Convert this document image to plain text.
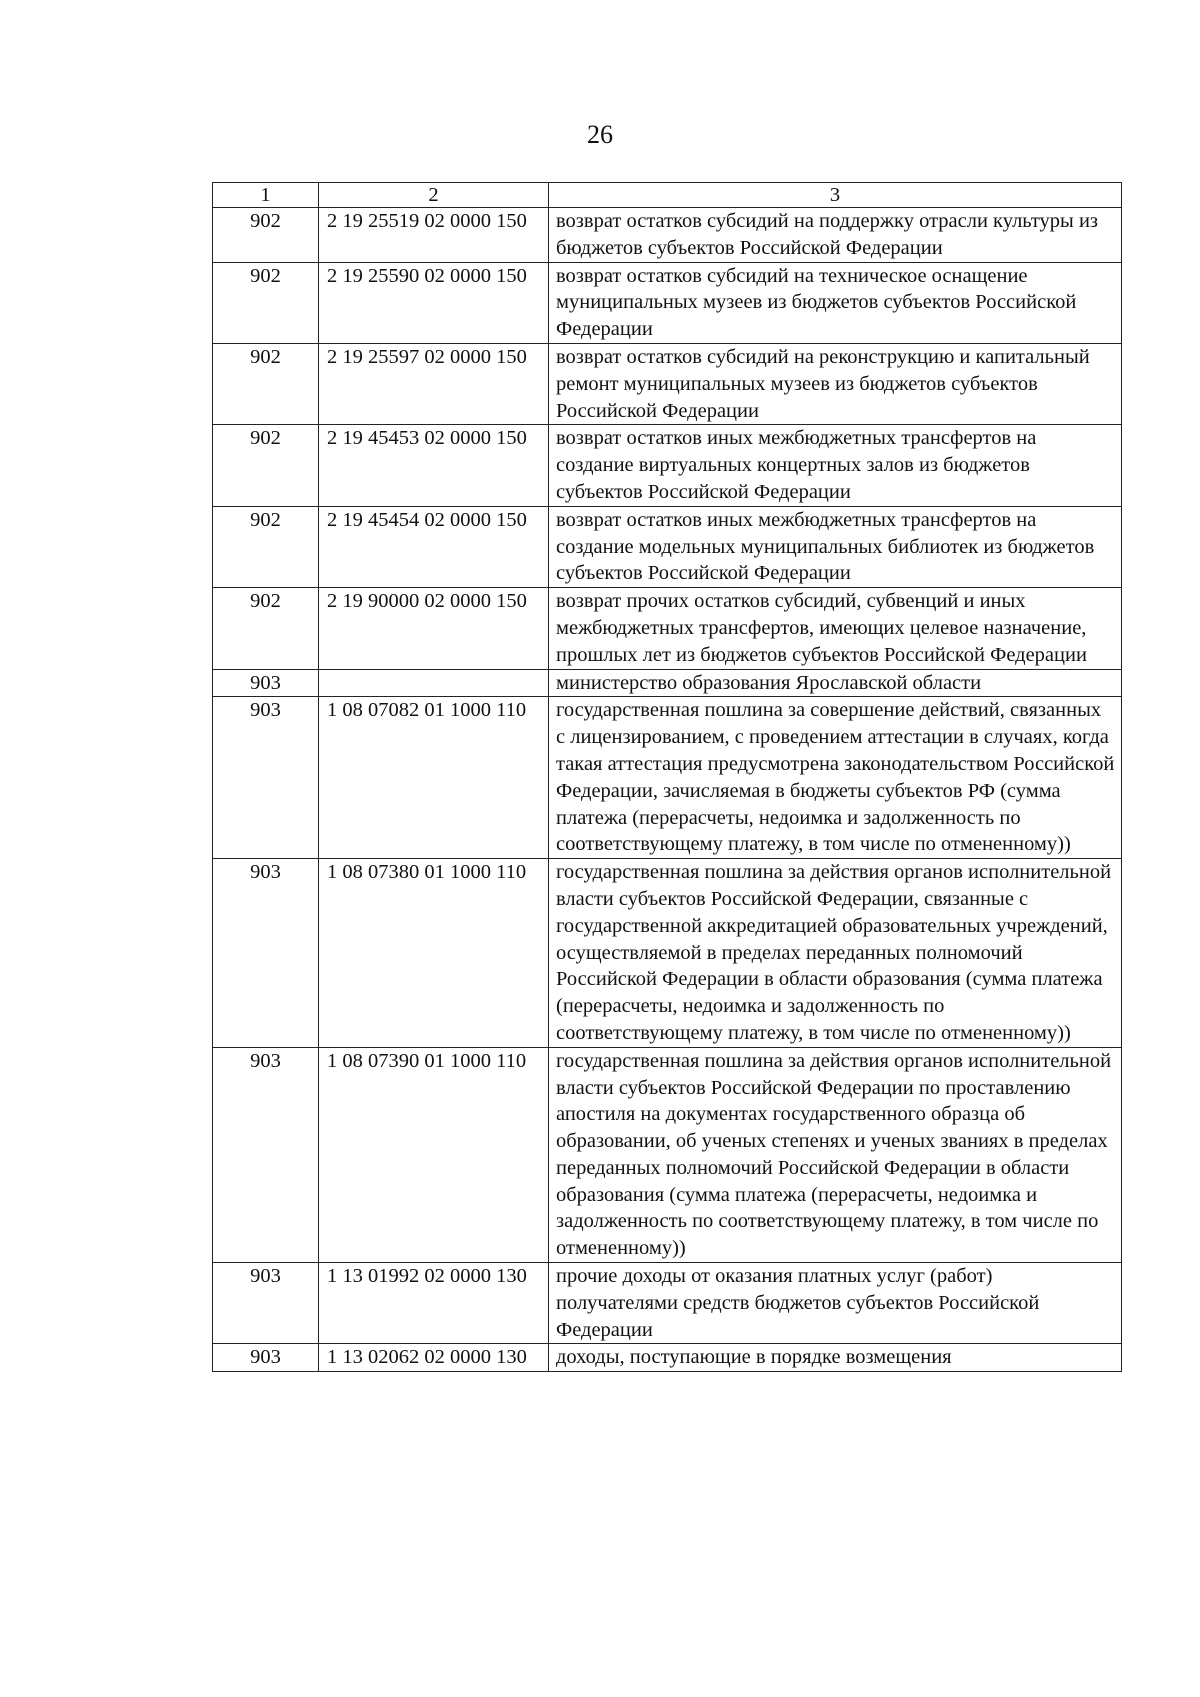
26
1	2	3
902	2 19 25519 02 0000 150	возврат остатков субсидий на поддержку отрасли культуры из бюджетов субъектов Российской Федерации
902	2 19 25590 02 0000 150	возврат остатков субсидий на техническое оснащение муниципальных музеев из бюджетов субъектов Российской Федерации
902	2 19 25597 02 0000 150	возврат остатков субсидий на реконструкцию и капитальный ремонт муниципальных музеев из бюджетов субъектов Российской Федерации
902	2 19 45453 02 0000 150	возврат остатков иных межбюджетных трансфертов на создание виртуальных концертных залов из бюджетов субъектов Российской Федерации
902	2 19 45454 02 0000 150	возврат остатков иных межбюджетных трансфертов на создание модельных муниципальных библиотек из бюджетов субъектов Российской Федерации
902	2 19 90000 02 0000 150	возврат прочих остатков субсидий, субвенций и иных межбюджетных трансфертов, имеющих целевое назначение, прошлых лет из бюджетов субъектов Российской Федерации
903		министерство образования Ярославской области
903	1 08 07082 01 1000 110	государственная пошлина за совершение действий, связанных с лицензированием, с проведением аттестации в случаях, когда такая аттестация предусмотрена законодательством Российской Федерации, зачисляемая в бюджеты субъектов РФ (сумма платежа (перерасчеты, недоимка и задолженность по соответствующему платежу, в том числе по отмененному))
903	1 08 07380 01 1000 110	государственная пошлина за действия органов исполнительной власти субъектов Российской Федерации, связанные с государственной аккредитацией образовательных учреждений, осуществляемой в пределах переданных полномочий Российской Федерации в области образования (сумма платежа (перерасчеты, недоимка и задолженность по соответствующему платежу, в том числе по отмененному))
903	1 08 07390 01 1000 110	государственная пошлина за действия органов исполнительной власти субъектов Российской Федерации по проставлению апостиля на документах государственного образца об образовании, об ученых степенях и ученых званиях в пределах переданных полномочий Российской Федерации в области образования (сумма платежа (перерасчеты, недоимка и задолженность по соответствующему платежу, в том числе по отмененному))
903	1 13 01992 02 0000 130	прочие доходы от оказания платных услуг (работ) получателями средств бюджетов субъектов Российской Федерации
903	1 13 02062 02 0000 130	доходы, поступающие в порядке возмещения
